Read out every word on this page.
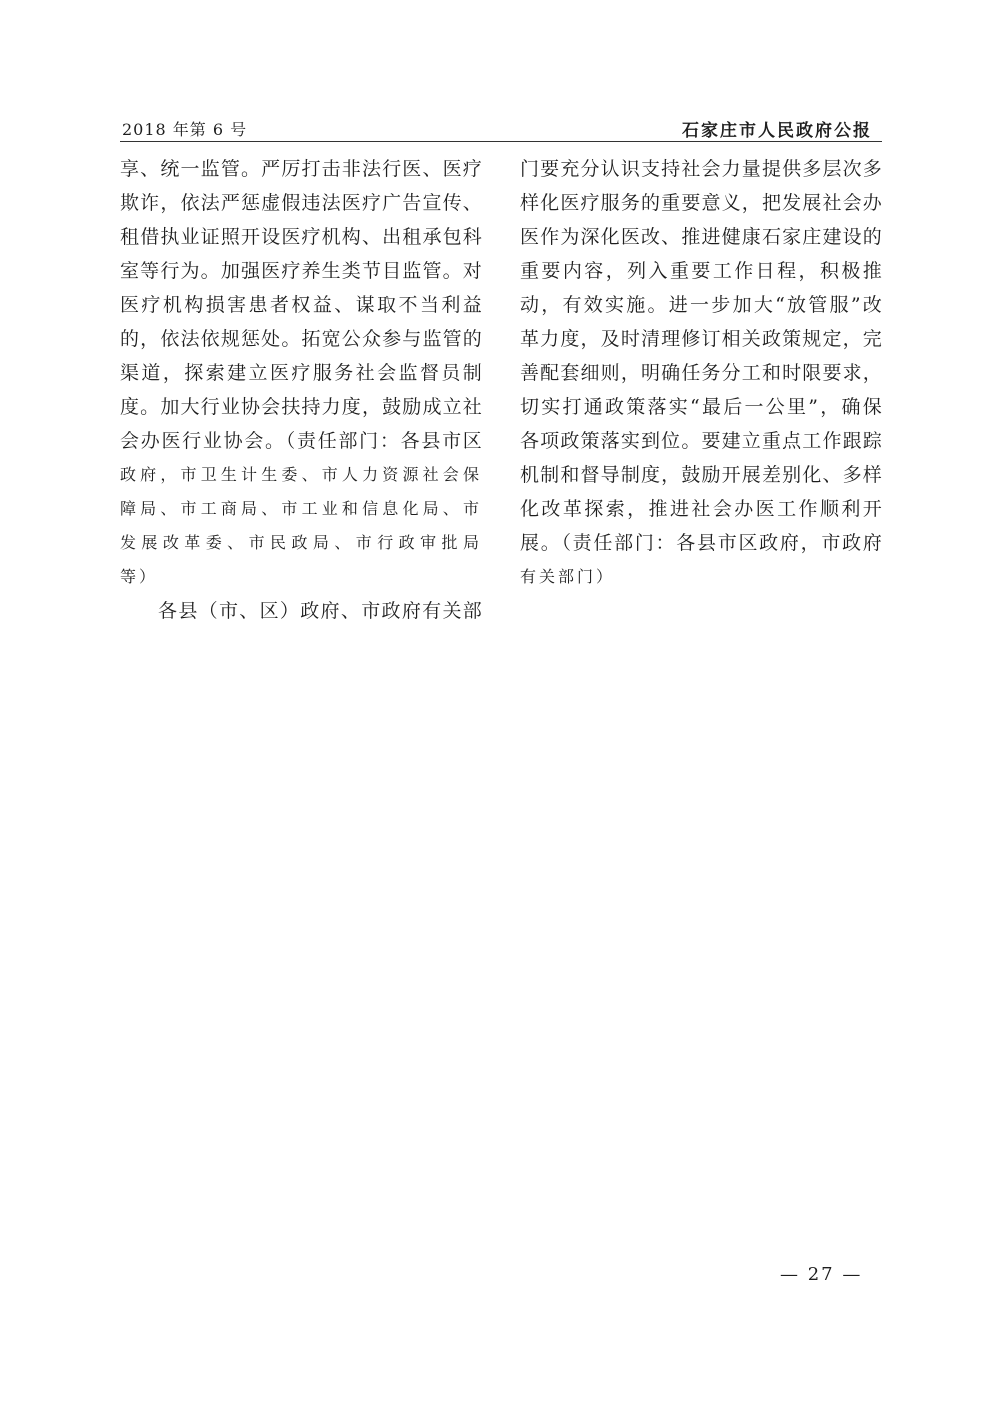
2018 年第 6 号	石家庄市人民政府公报
享、统一监管。严厉打击非法行医、医疗
欺诈，依法严惩虚假违法医疗广告宣传、
租借执业证照开设医疗机构、出租承包科
室等行为。加强医疗养生类节目监管。对
医疗机构损害患者权益、谋取不当利益
的，依法依规惩处。拓宽公众参与监管的
渠道，探索建立医疗服务社会监督员制
度。加大行业协会扶持力度，鼓励成立社
会办医行业协会。（责任部门：各县市区
政府，市卫生计生委、市人力资源社会保
障局、市工商局、市工业和信息化局、市
发展改革委、市民政局、市行政审批局
等）
各县（市、区）政府、市政府有关部
门要充分认识支持社会力量提供多层次多
样化医疗服务的重要意义，把发展社会办
医作为深化医改、推进健康石家庄建设的
重要内容，列入重要工作日程，积极推
动，有效实施。进一步加大“放管服”改
革力度，及时清理修订相关政策规定，完
善配套细则，明确任务分工和时限要求，
切实打通政策落实“最后一公里”，确保
各项政策落实到位。要建立重点工作跟踪
机制和督导制度，鼓励开展差别化、多样
化改革探索，推进社会办医工作顺利开
展。（责任部门：各县市区政府，市政府
有关部门）
— 27 —
